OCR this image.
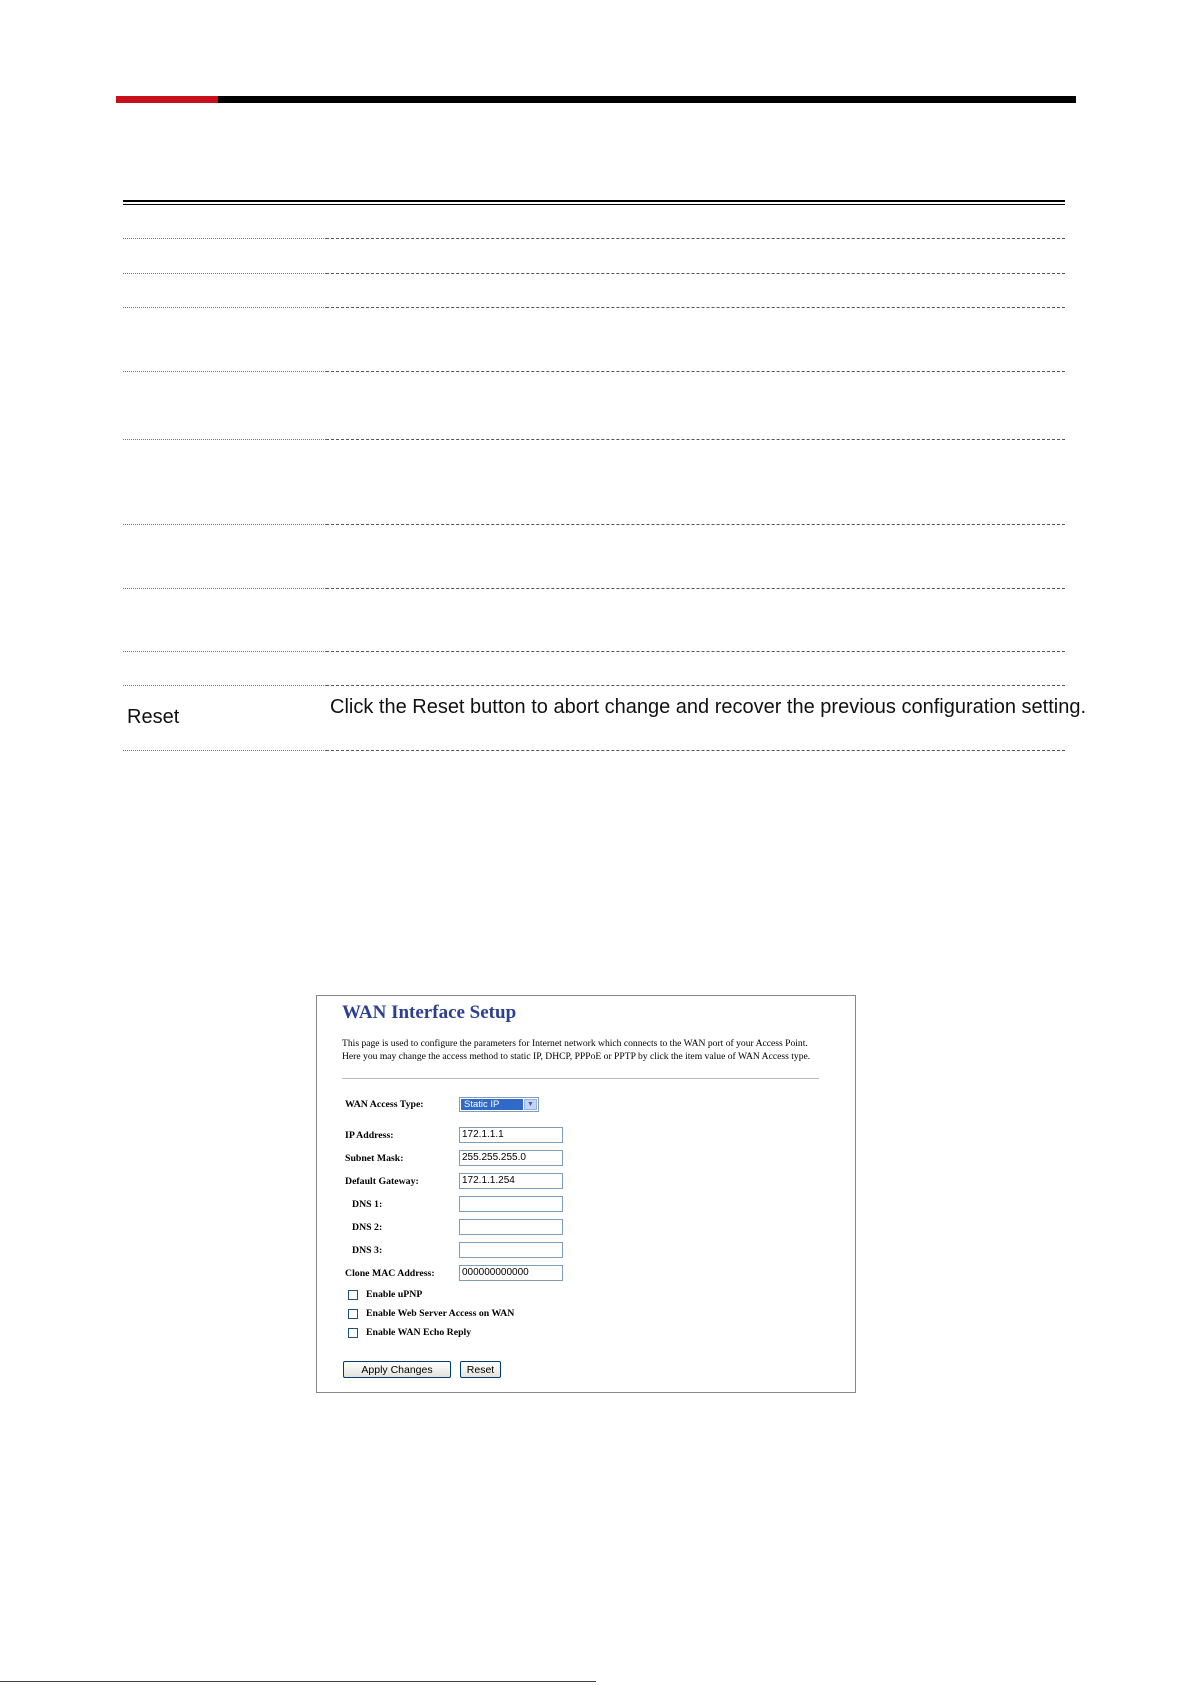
Reset	Click the Reset button to abort change and recover the previous configuration setting.
WAN Interface Setup
This page is used to configure the parameters for Internet network which connects to the WAN port of your Access Point. Here you may change the access method to static IP, DHCP, PPPoE or PPTP by click the item value of WAN Access type.
WAN Access Type:	Static IP	▼
IP Address:	172.1.1.1
Subnet Mask:	255.255.255.0
Default Gateway:	172.1.1.254
DNS 1:
DNS 2:
DNS 3:
Clone MAC Address:	000000000000
Enable uPNP
Enable Web Server Access on WAN
Enable WAN Echo Reply
Apply Changes	Reset
